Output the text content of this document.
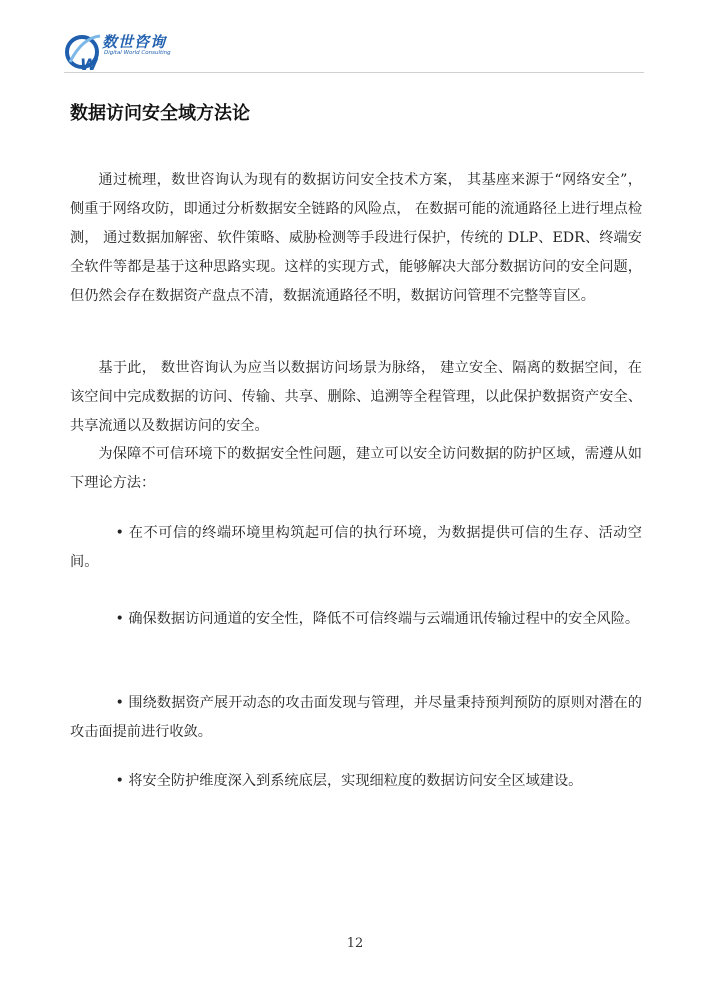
W
数世咨询
Digital World Consulting
数据访问安全域方法论

通过梳理，数世咨询认为现有的数据访问安全技术方案， 其基座来源于“网络安全”，侧重于网络攻防，即通过分析数据安全链路的风险点， 在数据可能的流通路径上进行埋点检测， 通过数据加解密、软件策略、威胁检测等手段进行保护，传统的 DLP、EDR、终端安全软件等都是基于这种思路实现。这样的实现方式，能够解决大部分数据访问的安全问题，但仍然会存在数据资产盘点不清，数据流通路径不明，数据访问管理不完整等盲区。

基于此， 数世咨询认为应当以数据访问场景为脉络， 建立安全、隔离的数据空间，在该空间中完成数据的访问、传输、共享、删除、追溯等全程管理，以此保护数据资产安全、共享流通以及数据访问的安全。

为保障不可信环境下的数据安全性问题，建立可以安全访问数据的防护区域，需遵从如下理论方法：

• 在不可信的终端环境里构筑起可信的执行环境，为数据提供可信的生存、活动空间。

• 确保数据访问通道的安全性，降低不可信终端与云端通讯传输过程中的安全风险。

• 围绕数据资产展开动态的攻击面发现与管理，并尽量秉持预判预防的原则对潜在的攻击面提前进行收敛。

• 将安全防护维度深入到系统底层，实现细粒度的数据访问安全区域建设。

12
